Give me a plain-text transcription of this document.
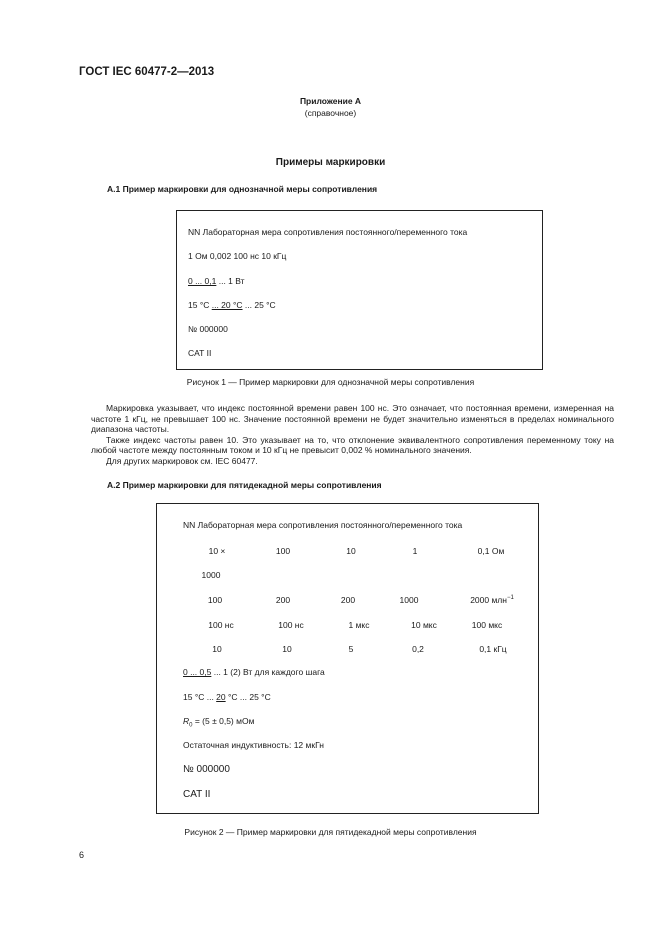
ГОСТ IEC 60477-2—2013
Приложение А
(справочное)
Примеры маркировки
А.1 Пример маркировки для однозначной меры сопротивления
NN Лабораторная мера сопротивления постоянного/переменного тока
1 Ом 0,002 100 нс 10 кГц
0 ... 0,1 ... 1 Вт
15 °С ... 20 °С ... 25 °С
№ 000000
CAT II
Рисунок 1 — Пример маркировки для однозначной меры сопротивления

Маркировка указывает, что индекс постоянной времени равен 100 нс. Это означает, что постоянная времени, измеренная на частоте 1 кГц, не превышает 100 нс. Значение постоянной времени не будет значительно изменяться в пределах номинального диапазона частоты.

Также индекс частоты равен 10. Это указывает на то, что отклонение эквивалентного сопротивления переменному току на любой частоте между постоянным током и 10 кГц не превысит 0,002 % номинального значения.

Для других маркировок см. IEC 60477.

А.2 Пример маркировки для пятидекадной меры сопротивления
NN Лабораторная мера сопротивления постоянного/переменного тока
10 ×	100	10	1	0,1 Ом
1000
100	200	200	1000	2000 млн$^{-1}$
100 нс	100 нс	1 мкс	10 мкс	100 мкс
10	10	5	0,2	0,1 кГц
0 ... 0,5 ... 1 (2) Вт для каждого шага
15 °С ... 20 °С ... 25 °С
$R_0 = (5 \pm 0,5)$ мОм
Остаточная индуктивность: 12 мкГн
№ 000000
CAT II
Рисунок 2 — Пример маркировки для пятидекадной меры сопротивления
6
